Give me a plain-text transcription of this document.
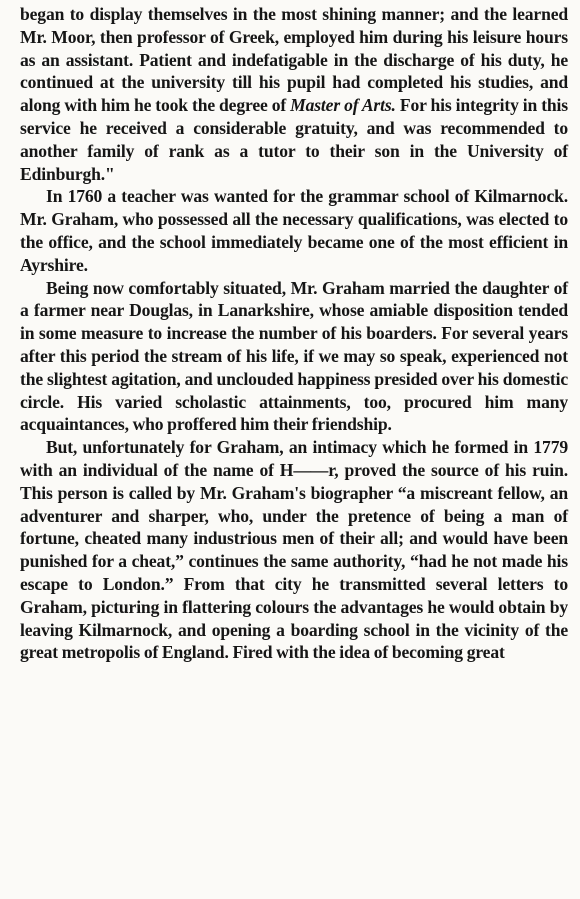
began to display themselves in the most shining manner; and the learned Mr. Moor, then professor of Greek, employed him during his leisure hours as an assistant. Patient and indefatigable in the discharge of his duty, he continued at the university till his pupil had completed his studies, and along with him he took the degree of Master of Arts. For his integrity in this service he received a considerable gratuity, and was recommended to another family of rank as a tutor to their son in the University of Edinburgh."

In 1760 a teacher was wanted for the grammar school of Kilmarnock. Mr. Graham, who possessed all the necessary qualifications, was elected to the office, and the school immediately became one of the most efficient in Ayrshire.

Being now comfortably situated, Mr. Graham married the daughter of a farmer near Douglas, in Lanarkshire, whose amiable disposition tended in some measure to increase the number of his boarders. For several years after this period the stream of his life, if we may so speak, experienced not the slightest agitation, and unclouded happiness presided over his domestic circle. His varied scholastic attainments, too, procured him many acquaintances, who proffered him their friendship.

But, unfortunately for Graham, an intimacy which he formed in 1779 with an individual of the name of H——r, proved the source of his ruin. This person is called by Mr. Graham's biographer “a miscreant fellow, an adventurer and sharper, who, under the pretence of being a man of fortune, cheated many industrious men of their all; and would have been punished for a cheat,” continues the same authority, “had he not made his escape to London.” From that city he transmitted several letters to Graham, picturing in flattering colours the advantages he would obtain by leaving Kilmarnock, and opening a boarding school in the vicinity of the great metropolis of England. Fired with the idea of becoming great
